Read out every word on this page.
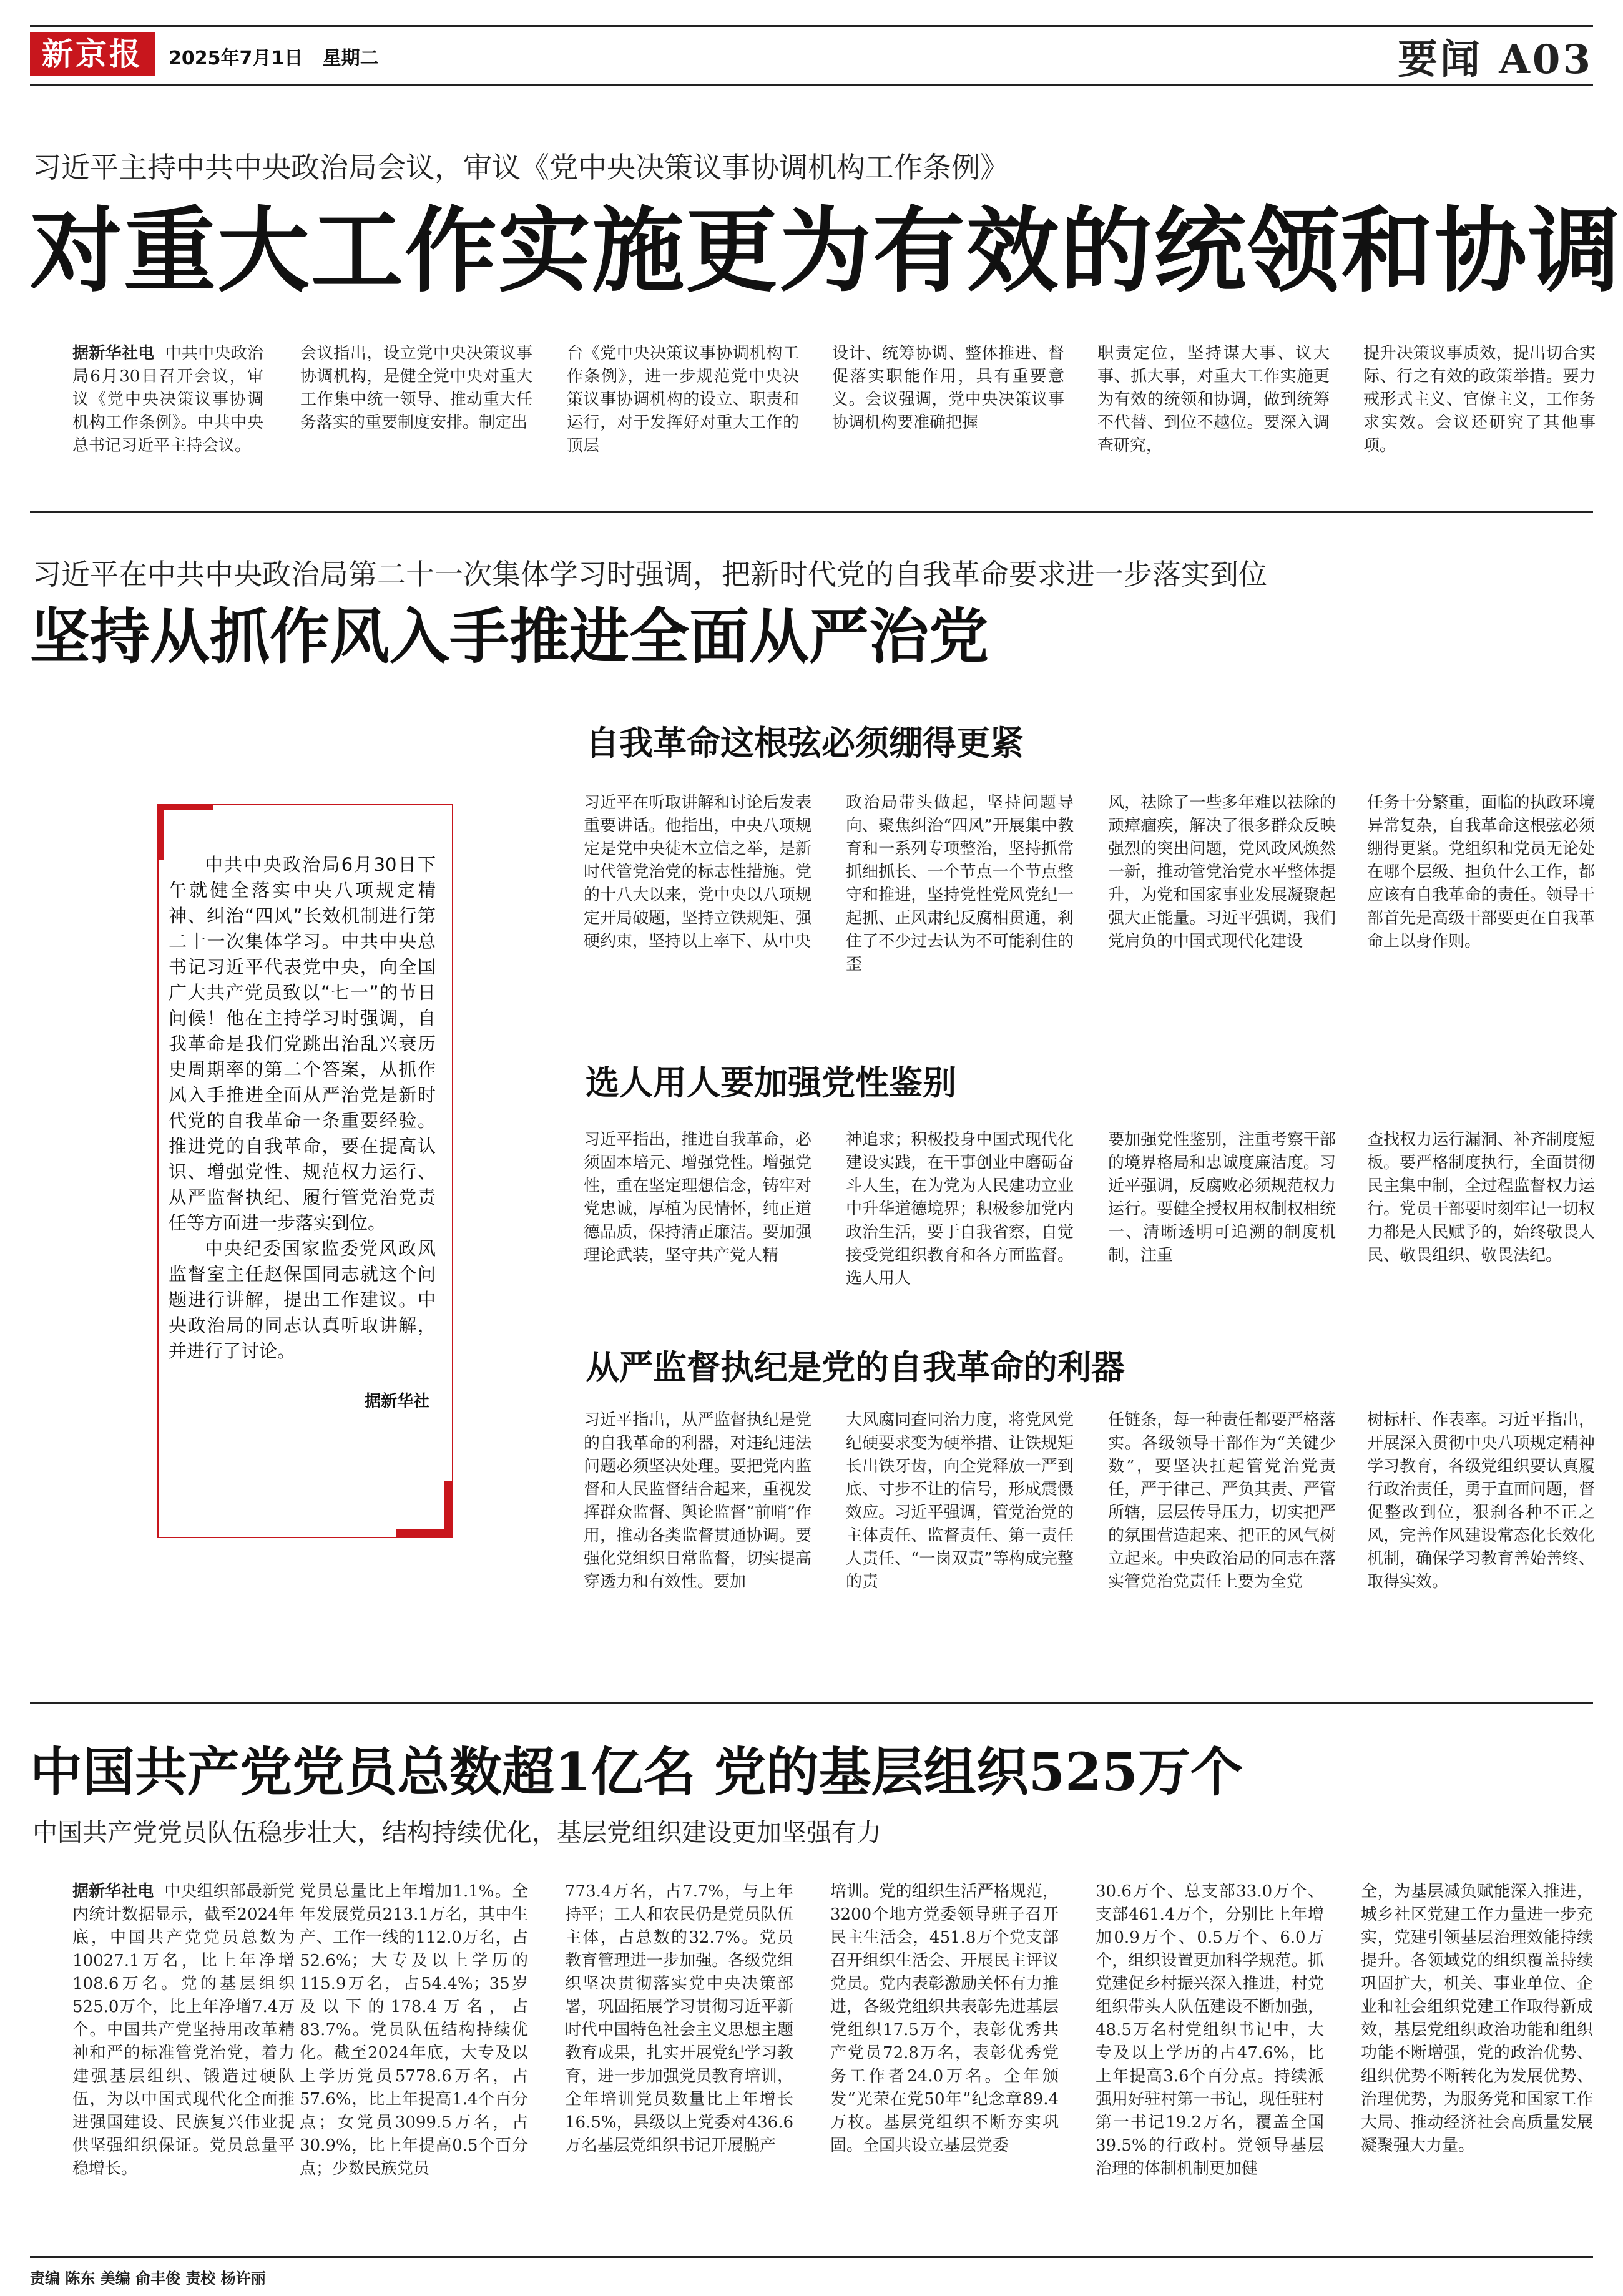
新京报	2025年7月1日 星期二	要闻 A03
习近平主持中共中央政治局会议，审议《党中央决策议事协调机构工作条例》
对重大工作实施更为有效的统领和协调
据新华社电 中共中央政治局6月30日召开会议，审议《党中央决策议事协调机构工作条例》。中共中央总书记习近平主持会议。
会议指出，设立党中央决策议事协调机构，是健全党中央对重大工作集中统一领导、推动重大任务落实的重要制度安排。制定出
台《党中央决策议事协调机构工作条例》，进一步规范党中央决策议事协调机构的设立、职责和运行，对于发挥好对重大工作的顶层
设计、统筹协调、整体推进、督促落实职能作用，具有重要意义。会议强调，党中央决策议事协调机构要准确把握
职责定位，坚持谋大事、议大事、抓大事，对重大工作实施更为有效的统领和协调，做到统筹不代替、到位不越位。要深入调查研究，
提升决策议事质效，提出切合实际、行之有效的政策举措。要力戒形式主义、官僚主义，工作务求实效。会议还研究了其他事项。
习近平在中共中央政治局第二十一次集体学习时强调，把新时代党的自我革命要求进一步落实到位
坚持从抓作风入手推进全面从严治党
中共中央政治局6月30日下午就健全落实中央八项规定精神、纠治“四风”长效机制进行第二十一次集体学习。中共中央总书记习近平代表党中央，向全国广大共产党员致以“七一”的节日问候！他在主持学习时强调，自我革命是我们党跳出治乱兴衰历史周期率的第二个答案，从抓作风入手推进全面从严治党是新时代党的自我革命一条重要经验。推进党的自我革命，要在提高认识、增强党性、规范权力运行、从严监督执纪、履行管党治党责任等方面进一步落实到位。
中央纪委国家监委党风政风监督室主任赵保国同志就这个问题进行讲解，提出工作建议。中央政治局的同志认真听取讲解，并进行了讨论。
据新华社
自我革命这根弦必须绷得更紧
习近平在听取讲解和讨论后发表重要讲话。他指出，中央八项规定是党中央徒木立信之举，是新时代管党治党的标志性措施。党的十八大以来，党中央以八项规定开局破题，坚持立铁规矩、强硬约束，坚持以上率下、从中央
政治局带头做起，坚持问题导向、聚焦纠治“四风”开展集中教育和一系列专项整治，坚持抓常抓细抓长、一个节点一个节点整守和推进，坚持党性党风党纪一起抓、正风肃纪反腐相贯通，刹住了不少过去认为不可能刹住的歪
风，祛除了一些多年难以祛除的顽瘴痼疾，解决了很多群众反映强烈的突出问题，党风政风焕然一新，推动管党治党水平整体提升，为党和国家事业发展凝聚起强大正能量。习近平强调，我们党肩负的中国式现代化建设
任务十分繁重，面临的执政环境异常复杂，自我革命这根弦必须绷得更紧。党组织和党员无论处在哪个层级、担负什么工作，都应该有自我革命的责任。领导干部首先是高级干部要更在自我革命上以身作则。
选人用人要加强党性鉴别
习近平指出，推进自我革命，必须固本培元、增强党性。增强党性，重在坚定理想信念，铸牢对党忠诚，厚植为民情怀，纯正道德品质，保持清正廉洁。要加强理论武装，坚守共产党人精
神追求；积极投身中国式现代化建设实践，在干事创业中磨砺奋斗人生，在为党为人民建功立业中升华道德境界；积极参加党内政治生活，要于自我省察，自觉接受党组织教育和各方面监督。选人用人
要加强党性鉴别，注重考察干部的境界格局和忠诚度廉洁度。习近平强调，反腐败必须规范权力运行。要健全授权用权制权相统一、清晰透明可追溯的制度机制，注重
查找权力运行漏洞、补齐制度短板。要严格制度执行，全面贯彻民主集中制，全过程监督权力运行。党员干部要时刻牢记一切权力都是人民赋予的，始终敬畏人民、敬畏组织、敬畏法纪。
从严监督执纪是党的自我革命的利器
习近平指出，从严监督执纪是党的自我革命的利器，对违纪违法问题必须坚决处理。要把党内监督和人民监督结合起来，重视发挥群众监督、舆论监督“前哨”作用，推动各类监督贯通协调。要强化党组织日常监督，切实提高穿透力和有效性。要加
大风腐同查同治力度，将党风党纪硬要求变为硬举措、让铁规矩长出铁牙齿，向全党释放一严到底、寸步不让的信号，形成震慑效应。习近平强调，管党治党的主体责任、监督责任、第一责任人责任、“一岗双责”等构成完整的责
任链条，每一种责任都要严格落实。各级领导干部作为“关键少数”，要坚决扛起管党治党责任，严于律己、严负其责、严管所辖，层层传导压力，切实把严的氛围营造起来、把正的风气树立起来。中央政治局的同志在落实管党治党责任上要为全党
树标杆、作表率。习近平指出，开展深入贯彻中央八项规定精神学习教育，各级党组织要认真履行政治责任，勇于直面问题，督促整改到位，狠刹各种不正之风，完善作风建设常态化长效化机制，确保学习教育善始善终、取得实效。
中国共产党党员总数超1亿名 党的基层组织525万个
中国共产党党员队伍稳步壮大，结构持续优化，基层党组织建设更加坚强有力
据新华社电 中央组织部最新党内统计数据显示，截至2024年底，中国共产党党员总数为10027.1万名，比上年净增108.6万名。党的基层组织525.0万个，比上年净增7.4万个。中国共产党坚持用改革精神和严的标准管党治党，着力建强基层组织、锻造过硬队伍，为以中国式现代化全面推进强国建设、民族复兴伟业提供坚强组织保证。党员总量平稳增长。
党员总量比上年增加1.1%。全年发展党员213.1万名，其中生产、工作一线的112.0万名，占52.6%；大专及以上学历的115.9万名，占54.4%；35岁及以下的178.4万名，占83.7%。党员队伍结构持续优化。截至2024年底，大专及以上学历党员5778.6万名，占57.6%，比上年提高1.4个百分点；女党员3099.5万名，占30.9%，比上年提高0.5个百分点；少数民族党员
773.4万名，占7.7%，与上年持平；工人和农民仍是党员队伍主体，占总数的32.7%。党员教育管理进一步加强。各级党组织坚决贯彻落实党中央决策部署，巩固拓展学习贯彻习近平新时代中国特色社会主义思想主题教育成果，扎实开展党纪学习教育，进一步加强党员教育培训，全年培训党员数量比上年增长16.5%，县级以上党委对436.6万名基层党组织书记开展脱产
培训。党的组织生活严格规范，3200个地方党委领导班子召开民主生活会，451.8万个党支部召开组织生活会、开展民主评议党员。党内表彰激励关怀有力推进，各级党组织共表彰先进基层党组织17.5万个，表彰优秀共产党员72.8万名，表彰优秀党务工作者24.0万名。全年颁发“光荣在党50年”纪念章89.4万枚。基层党组织不断夯实巩固。全国共设立基层党委
30.6万个、总支部33.0万个、支部461.4万个，分别比上年增加0.9万个、0.5万个、6.0万个，组织设置更加科学规范。抓党建促乡村振兴深入推进，村党组织带头人队伍建设不断加强，48.5万名村党组织书记中，大专及以上学历的占47.6%，比上年提高3.6个百分点。持续派强用好驻村第一书记，现任驻村第一书记19.2万名，覆盖全国39.5%的行政村。党领导基层治理的体制机制更加健
全，为基层减负赋能深入推进，城乡社区党建工作力量进一步充实，党建引领基层治理效能持续提升。各领域党的组织覆盖持续巩固扩大，机关、事业单位、企业和社会组织党建工作取得新成效，基层党组织政治功能和组织功能不断增强，党的政治优势、组织优势不断转化为发展优势、治理优势，为服务党和国家工作大局、推动经济社会高质量发展凝聚强大力量。
责编 陈东 美编 俞丰俊 责校 杨许丽
